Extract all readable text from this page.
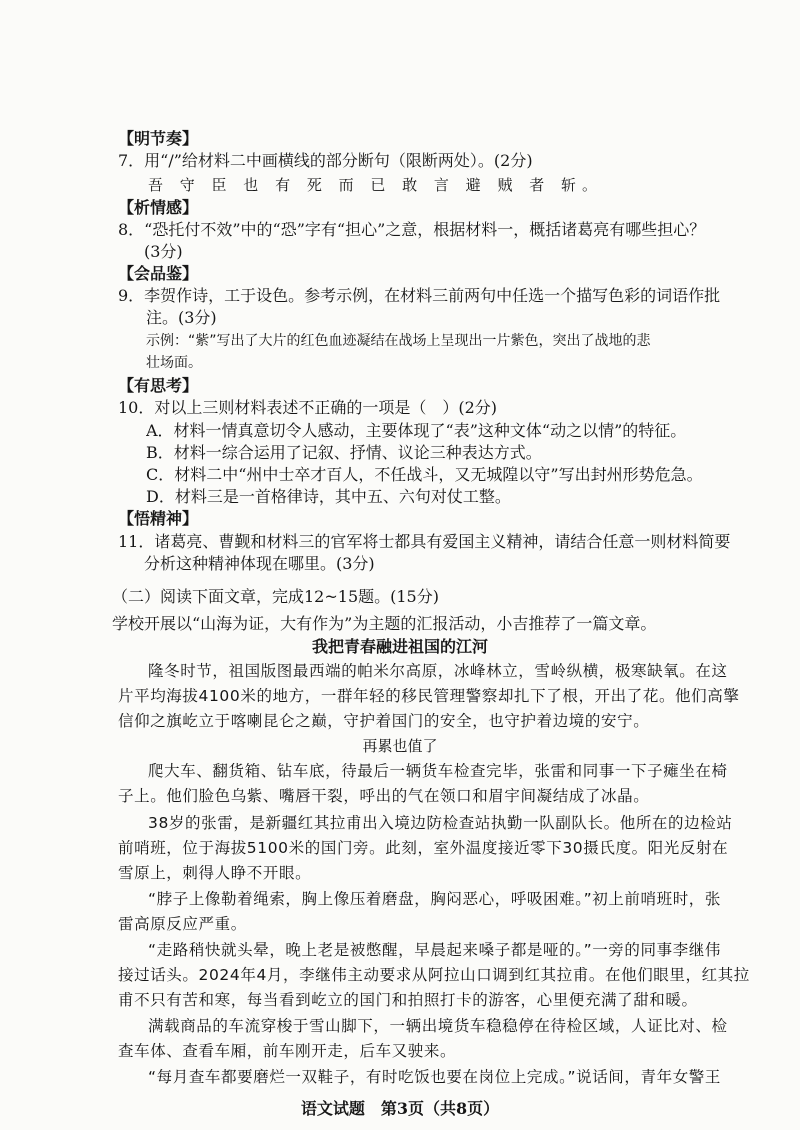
【明节奏】
7．用“/”给材料二中画横线的部分断句（限断两处）。(2分)
吾 守 臣 也 有 死 而 已 敢 言 避 贼 者 斩。
【析情感】
8．“恐托付不效”中的“恐”字有“担心”之意，根据材料一，概括诸葛亮有哪些担心？
(3分)
【会品鉴】
9．李贺作诗，工于设色。参考示例，在材料三前两句中任选一个描写色彩的词语作批
注。(3分)
示例：“紫”写出了大片的红色血迹凝结在战场上呈现出一片紫色，突出了战地的悲
壮场面。
【有思考】
10．对以上三则材料表述不正确的一项是（　）(2分)
A．材料一情真意切令人感动，主要体现了“表”这种文体“动之以情”的特征。
B．材料一综合运用了记叙、抒情、议论三种表达方式。
C．材料二中“州中士卒才百人，不任战斗，又无城隍以守”写出封州形势危急。
D．材料三是一首格律诗，其中五、六句对仗工整。
【悟精神】
11．诸葛亮、曹觐和材料三的官军将士都具有爱国主义精神，请结合任意一则材料简要
分析这种精神体现在哪里。(3分)
（二）阅读下面文章，完成12~15题。(15分)
学校开展以“山海为证，大有作为”为主题的汇报活动，小吉推荐了一篇文章。
我把青春融进祖国的江河
隆冬时节，祖国版图最西端的帕米尔高原，冰峰林立，雪岭纵横，极寒缺氧。在这
片平均海拔4100米的地方，一群年轻的移民管理警察却扎下了根，开出了花。他们高擎
信仰之旗屹立于喀喇昆仑之巅，守护着国门的安全，也守护着边境的安宁。
再累也值了
爬大车、翻货箱、钻车底，待最后一辆货车检查完毕，张雷和同事一下子瘫坐在椅
子上。他们脸色乌紫、嘴唇干裂，呼出的气在领口和眉宇间凝结成了冰晶。
38岁的张雷，是新疆红其拉甫出入境边防检查站执勤一队副队长。他所在的边检站
前哨班，位于海拔5100米的国门旁。此刻，室外温度接近零下30摄氏度。阳光反射在
雪原上，刺得人睁不开眼。
“脖子上像勒着绳索，胸上像压着磨盘，胸闷恶心，呼吸困难。”初上前哨班时，张
雷高原反应严重。
“走路稍快就头晕，晚上老是被憋醒，早晨起来嗓子都是哑的。”一旁的同事李继伟
接过话头。2024年4月，李继伟主动要求从阿拉山口调到红其拉甫。在他们眼里，红其拉
甫不只有苦和寒，每当看到屹立的国门和拍照打卡的游客，心里便充满了甜和暖。
满载商品的车流穿梭于雪山脚下，一辆出境货车稳稳停在待检区域，人证比对、检
查车体、查看车厢，前车刚开走，后车又驶来。
“每月查车都要磨烂一双鞋子，有时吃饭也要在岗位上完成。”说话间，青年女警王
语文试题　第3页（共8页）
